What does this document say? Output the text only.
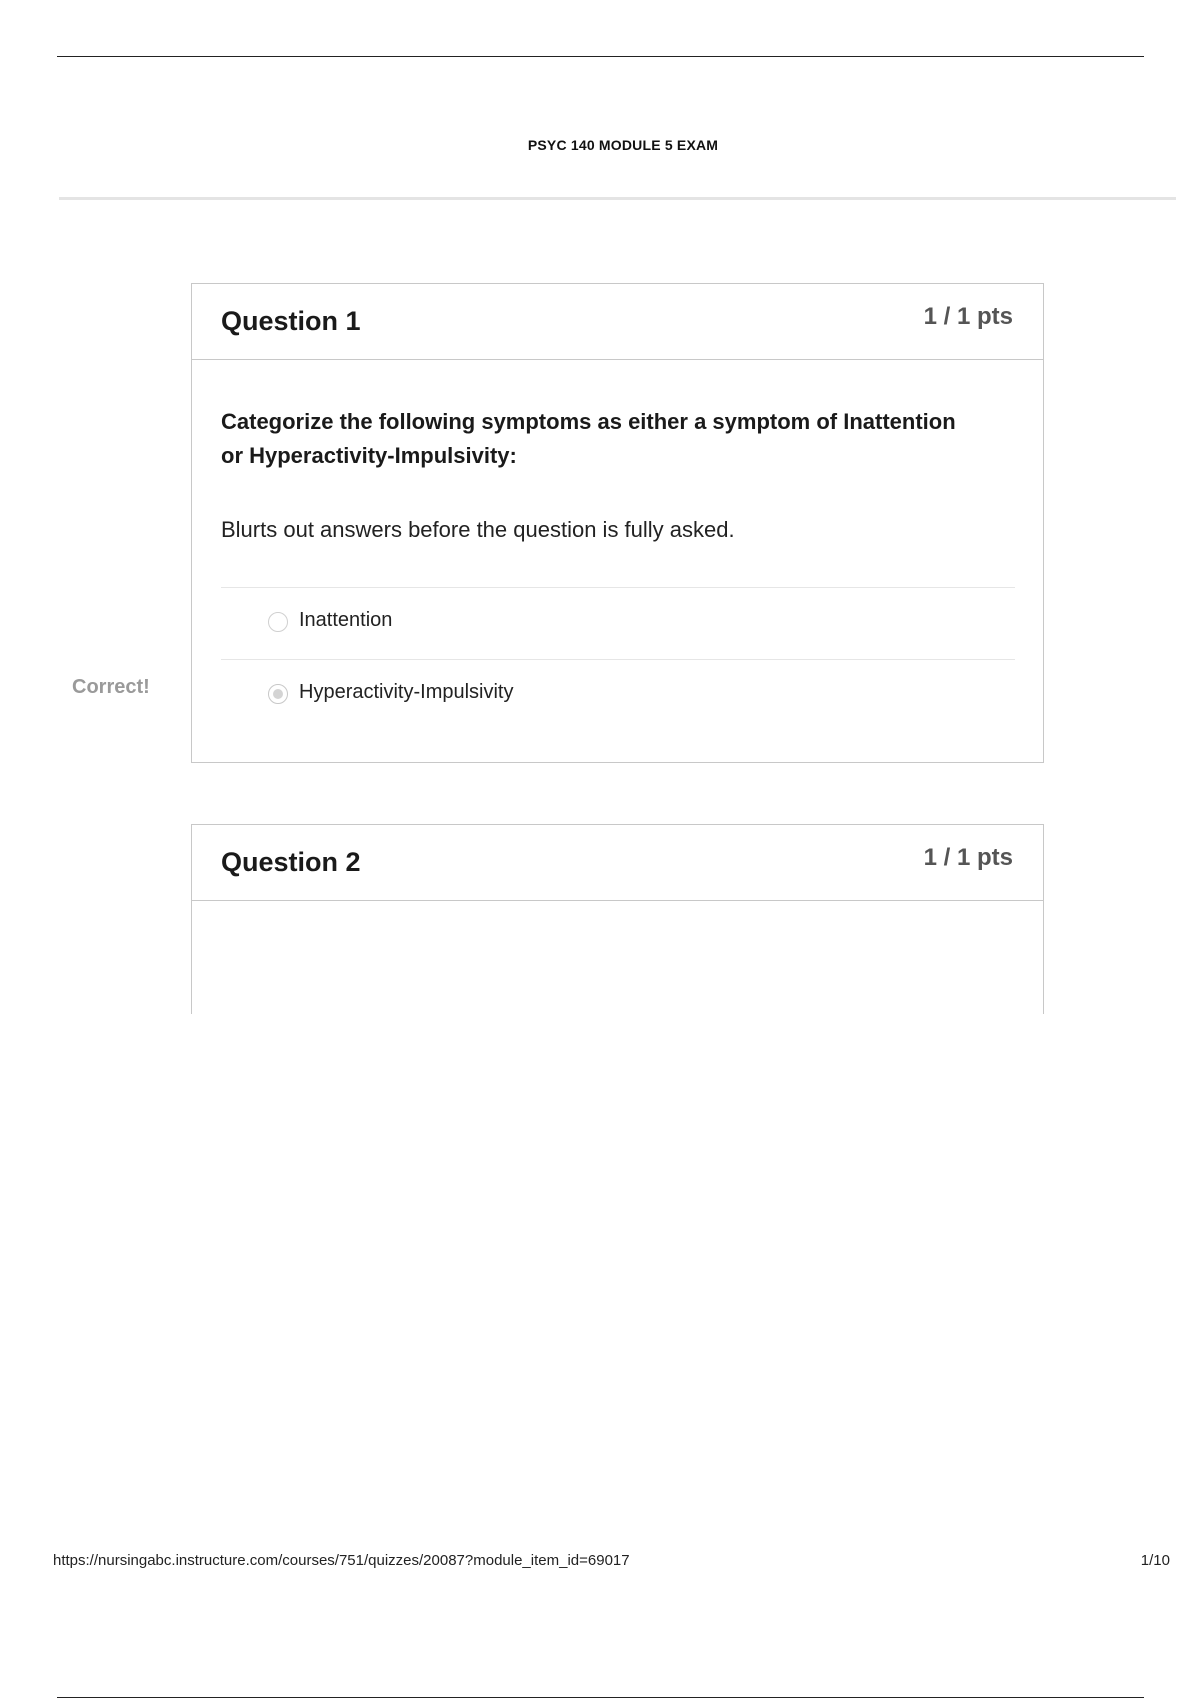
PSYC 140 MODULE 5 EXAM
Question 1	1 / 1 pts
Categorize the following symptoms as either a symptom of Inattention or Hyperactivity-Impulsivity:
Blurts out answers before the question is fully asked.
Inattention
Hyperactivity-Impulsivity
Correct!
Question 2	1 / 1 pts
https://nursingabc.instructure.com/courses/751/quizzes/20087?module_item_id=69017	1/10
